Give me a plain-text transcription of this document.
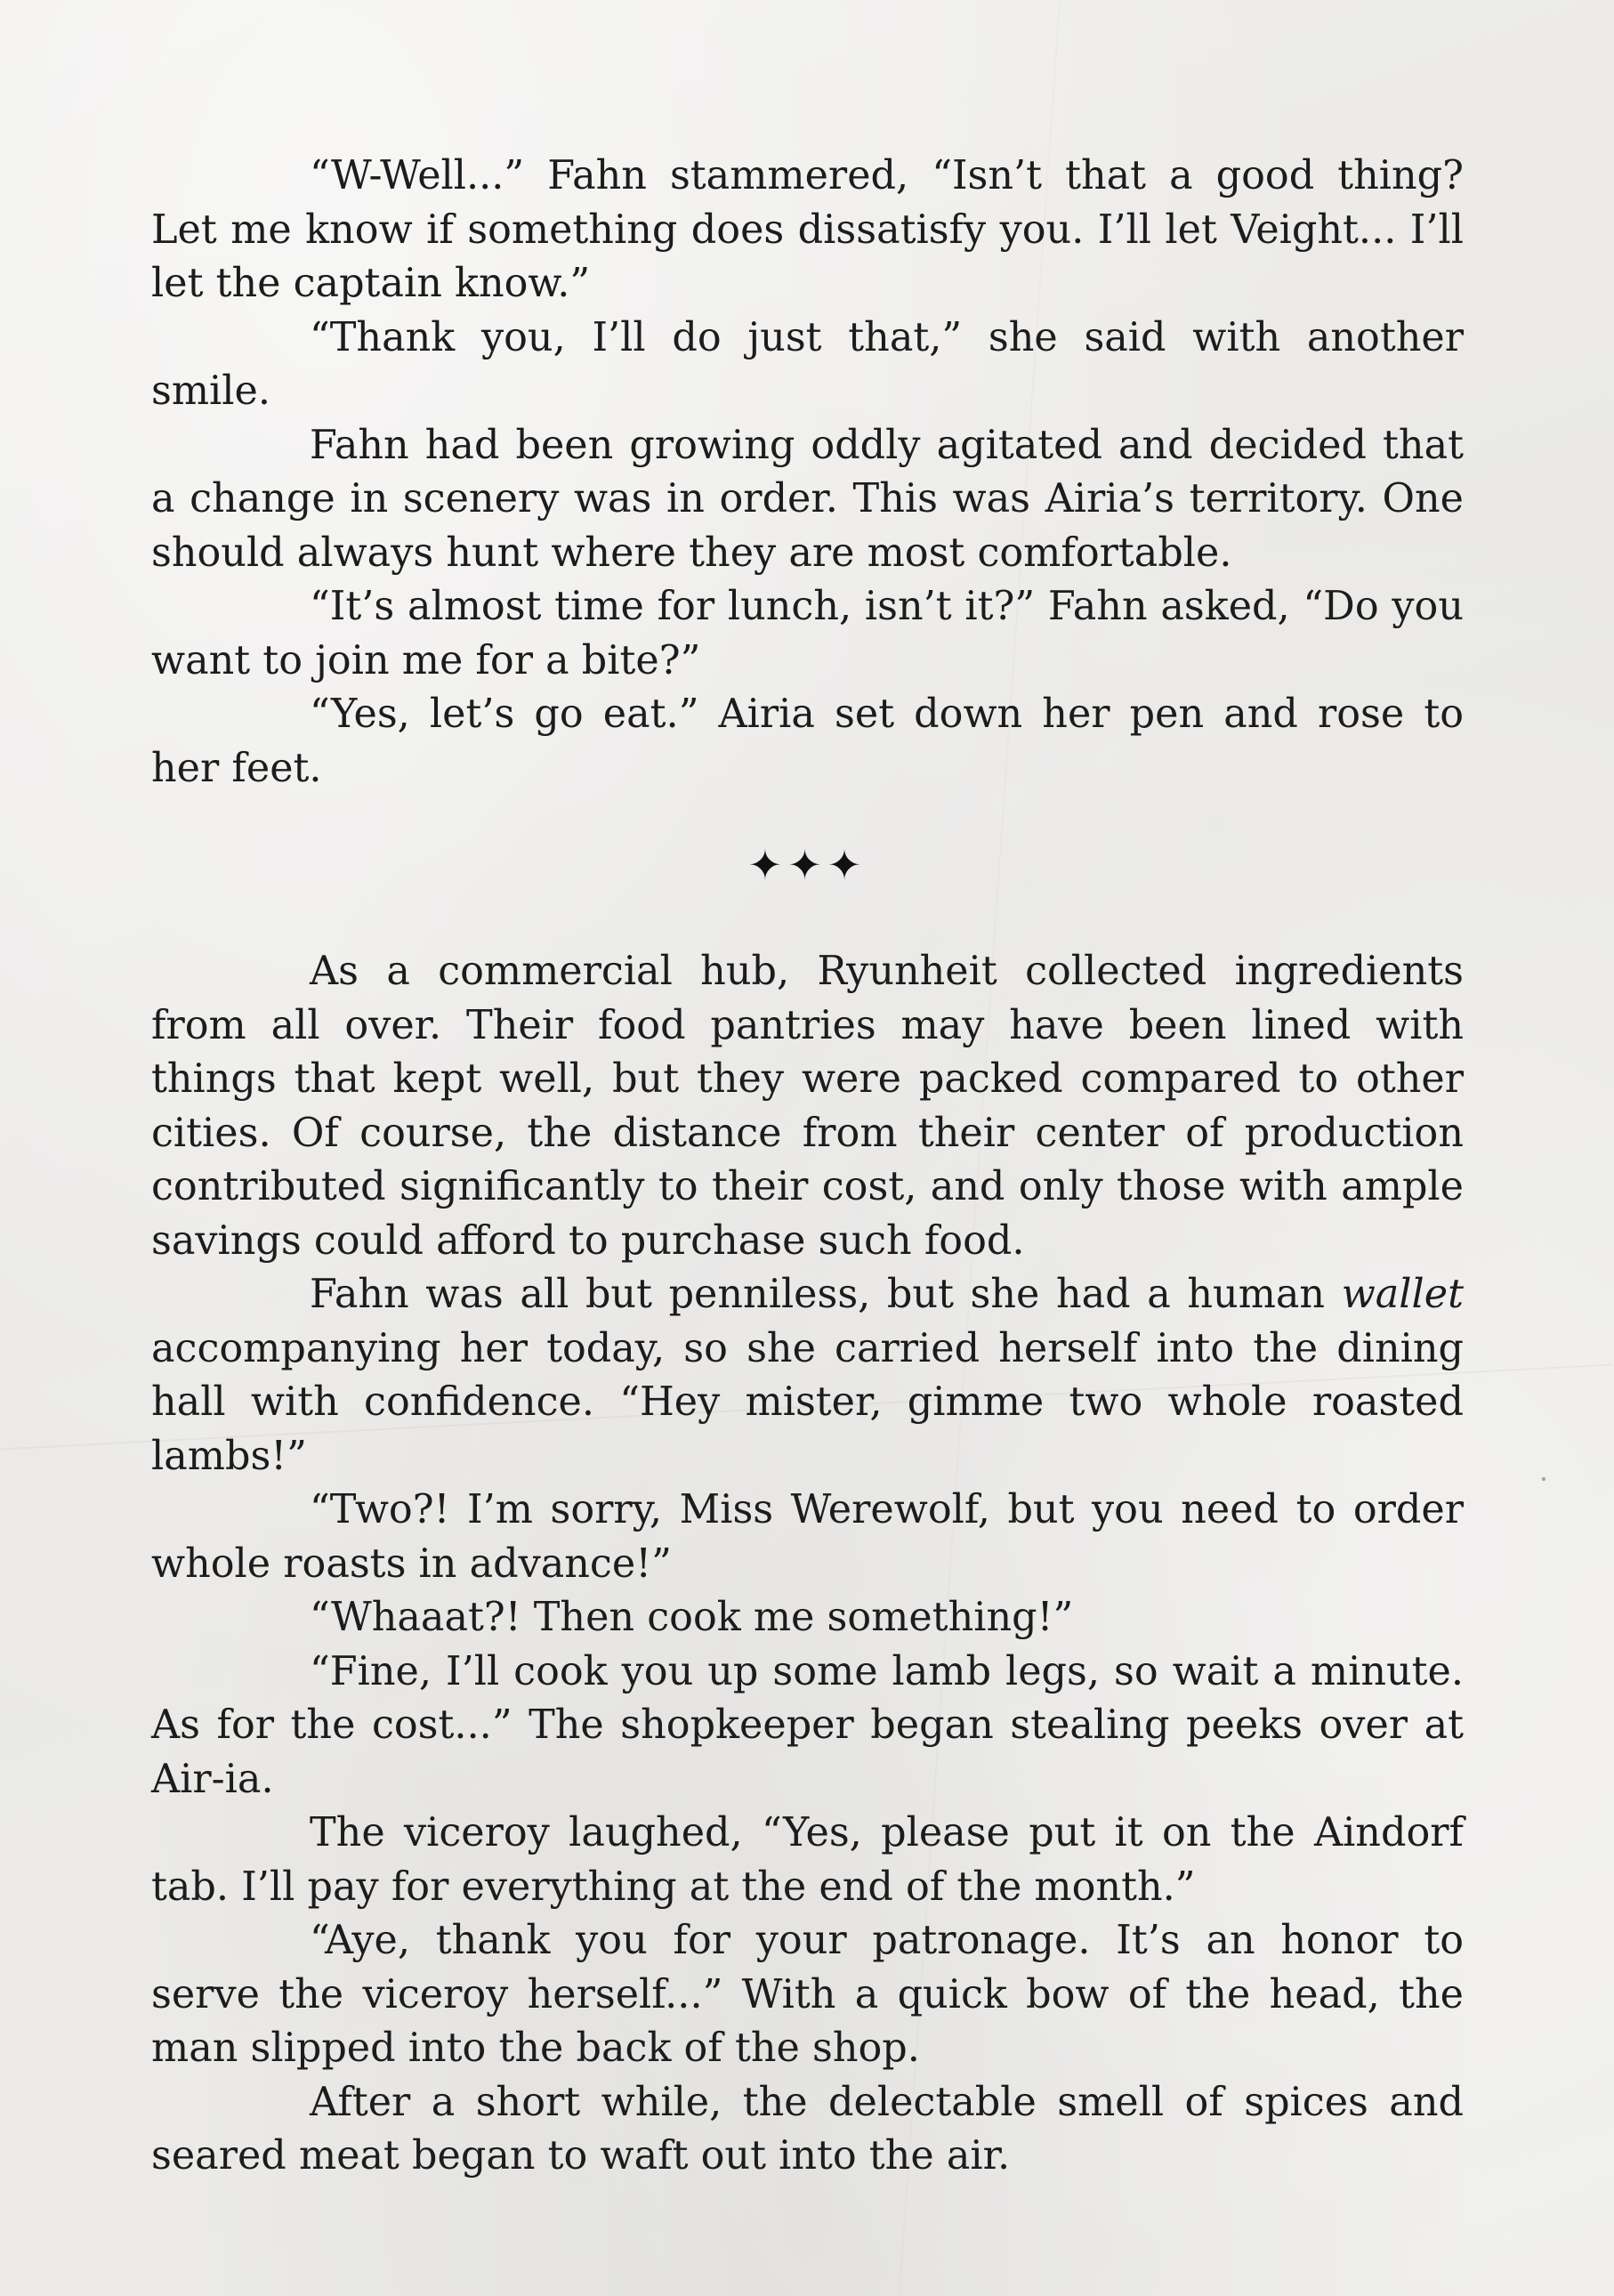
“W-Well...” Fahn stammered, “Isn’t that a good thing? Let me know if something does dissatisfy you. I’ll let Veight... I’ll let the captain know.”

“Thank you, I’ll do just that,” she said with another smile.

Fahn had been growing oddly agitated and decided that a change in scenery was in order. This was Airia’s territory. One should always hunt where they are most comfortable.

“It’s almost time for lunch, isn’t it?” Fahn asked, “Do you want to join me for a bite?”

“Yes, let’s go eat.” Airia set down her pen and rose to her feet.

✦✦✦

As a commercial hub, Ryunheit collected ingredients from all over. Their food pantries may have been lined with things that kept well, but they were packed compared to other cities. Of course, the distance from their center of production contributed significantly to their cost, and only those with ample savings could afford to purchase such food.

Fahn was all but penniless, but she had a human wallet accompanying her today, so she carried herself into the dining hall with confidence. “Hey mister, gimme two whole roasted lambs!”

“Two?! I’m sorry, Miss Werewolf, but you need to order whole roasts in advance!”

“Whaaat?! Then cook me something!”

“Fine, I’ll cook you up some lamb legs, so wait a minute. As for the cost...” The shopkeeper began stealing peeks over at Air-ia.

The viceroy laughed, “Yes, please put it on the Aindorf tab. I’ll pay for everything at the end of the month.”

“Aye, thank you for your patronage. It’s an honor to serve the viceroy herself...” With a quick bow of the head, the man slipped into the back of the shop.

After a short while, the delectable smell of spices and seared meat began to waft out into the air.
